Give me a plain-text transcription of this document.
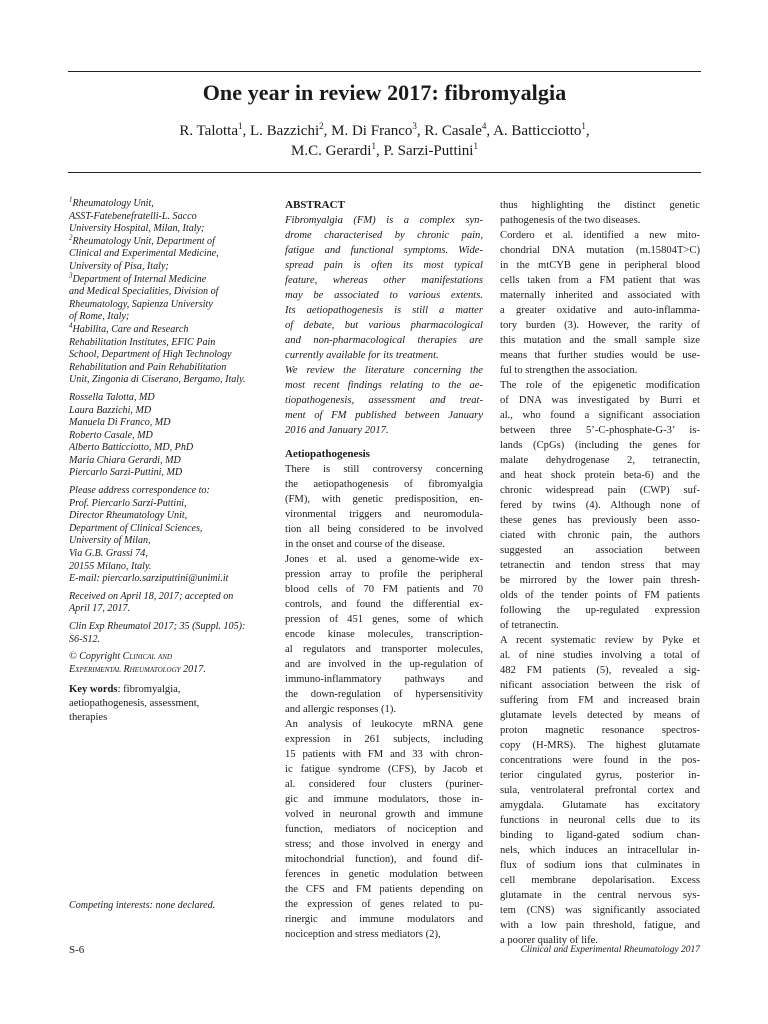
One year in review 2017: fibromyalgia
R. Talotta$^1$, L. Bazzichi$^2$, M. Di Franco$^3$, R. Casale$^4$, A. Batticciotto$^1$,
M.C. Gerardi$^1$, P. Sarzi-Puttini$^1$
$^1$Rheumatology Unit,
ASST-Fatebenefratelli-L. Sacco
University Hospital, Milan, Italy;
$^2$Rheumatology Unit, Department of
Clinical and Experimental Medicine,
University of Pisa, Italy;
$^3$Department of Internal Medicine
and Medical Specialities, Division of
Rheumatology, Sapienza University
of Rome, Italy;
$^4$Habilita, Care and Research
Rehabilitation Institutes, EFIC Pain
School, Department of High Technology
Rehabilitation and Pain Rehabilitation
Unit, Zingonia di Ciserano, Bergamo, Italy.
Rossella Talotta, MD
Laura Bazzichi, MD
Manuela Di Franco, MD
Roberto Casale, MD
Alberto Batticciotto, MD, PhD
Maria Chiara Gerardi, MD
Piercarlo Sarzi-Puttini, MD
Please address correspondence to:
Prof. Piercarlo Sarzi-Puttini,
Director Rheumatology Unit,
Department of Clinical Sciences,
University of Milan,
Via G.B. Grassi 74,
20155 Milano, Italy.
E-mail: piercarlo.sarziputtini@unimi.it
Received on April 18, 2017; accepted on
April 17, 2017.
Clin Exp Rheumatol 2017; 35 (Suppl. 105):
S6-S12.
© Copyright Clinical and
Experimental Rheumatology 2017.
Key words: fibromyalgia,
aetiopathogenesis, assessment,
therapies
Competing interests: none declared.
ABSTRACT
Fibromyalgia (FM) is a complex syn-
drome characterised by chronic pain,
fatigue and functional symptoms. Wide-
spread pain is often its most typical
feature, whereas other manifestations
may be associated to various extents.
Its aetiopathogenesis is still a matter
of debate, but various pharmacological
and non-pharmacological therapies are
currently available for its treatment.
We review the literature concerning the
most recent findings relating to the ae-
tiopathogenesis, assessment and treat-
ment of FM published between January
2016 and January 2017.
Aetiopathogenesis
There is still controversy concerning
the aetiopathogenesis of fibromyalgia
(FM), with genetic predisposition, en-
vironmental triggers and neuromodula-
tion all being considered to be involved
in the onset and course of the disease.
Jones et al. used a genome-wide ex-
pression array to profile the peripheral
blood cells of 70 FM patients and 70
controls, and found the differential ex-
pression of 451 genes, some of which
encode kinase molecules, transcription-
al regulators and transporter molecules,
and are involved in the up-regulation of
immuno-inflammatory pathways and
the down-regulation of hypersensitivity
and allergic responses (1).
An analysis of leukocyte mRNA gene
expression in 261 subjects, including
15 patients with FM and 33 with chron-
ic fatigue syndrome (CFS), by Jacob et
al. considered four clusters (puriner-
gic and immune modulators, those in-
volved in neuronal growth and immune
function, mediators of nociception and
stress; and those involved in energy and
mitochondrial function), and found dif-
ferences in genetic modulation between
the CFS and FM patients depending on
the expression of genes related to pu-
rinergic and immune modulators and
nociception and stress mediators (2),
thus highlighting the distinct genetic
pathogenesis of the two diseases.
Cordero et al. identified a new mito-
chondrial DNA mutation (m.15804T>C)
in the mtCYB gene in peripheral blood
cells taken from a FM patient that was
maternally inherited and associated with
a greater oxidative and auto-inflamma-
tory burden (3). However, the rarity of
this mutation and the small sample size
means that further studies would be use-
ful to strengthen the association.
The role of the epigenetic modification
of DNA was investigated by Burri et
al., who found a significant association
between three 5’-C-phosphate-G-3’ is-
lands (CpGs) (including the genes for
malate dehydrogenase 2, tetranectin,
and heat shock protein beta-6) and the
chronic widespread pain (CWP) suf-
fered by twins (4). Although none of
these genes has previously been asso-
ciated with chronic pain, the authors
suggested an association between
tetranectin and tendon stress that may
be mirrored by the lower pain thresh-
olds of the tender points of FM patients
following the up-regulated expression
of tetranectin.
A recent systematic review by Pyke et
al. of nine studies involving a total of
482 FM patients (5), revealed a sig-
nificant association between the risk of
suffering from FM and increased brain
glutamate levels detected by means of
proton magnetic resonance spectros-
copy (H-MRS). The highest glutamate
concentrations were found in the pos-
terior cingulated gyrus, posterior in-
sula, ventrolateral prefrontal cortex and
amygdala. Glutamate has excitatory
functions in neuronal cells due to its
binding to ligand-gated sodium chan-
nels, which induces an intracellular in-
flux of sodium ions that culminates in
cell membrane depolarisation. Excess
glutamate in the central nervous sys-
tem (CNS) was significantly associated
with a low pain threshold, fatigue, and
a poorer quality of life.
S-6	Clinical and Experimental Rheumatology 2017
